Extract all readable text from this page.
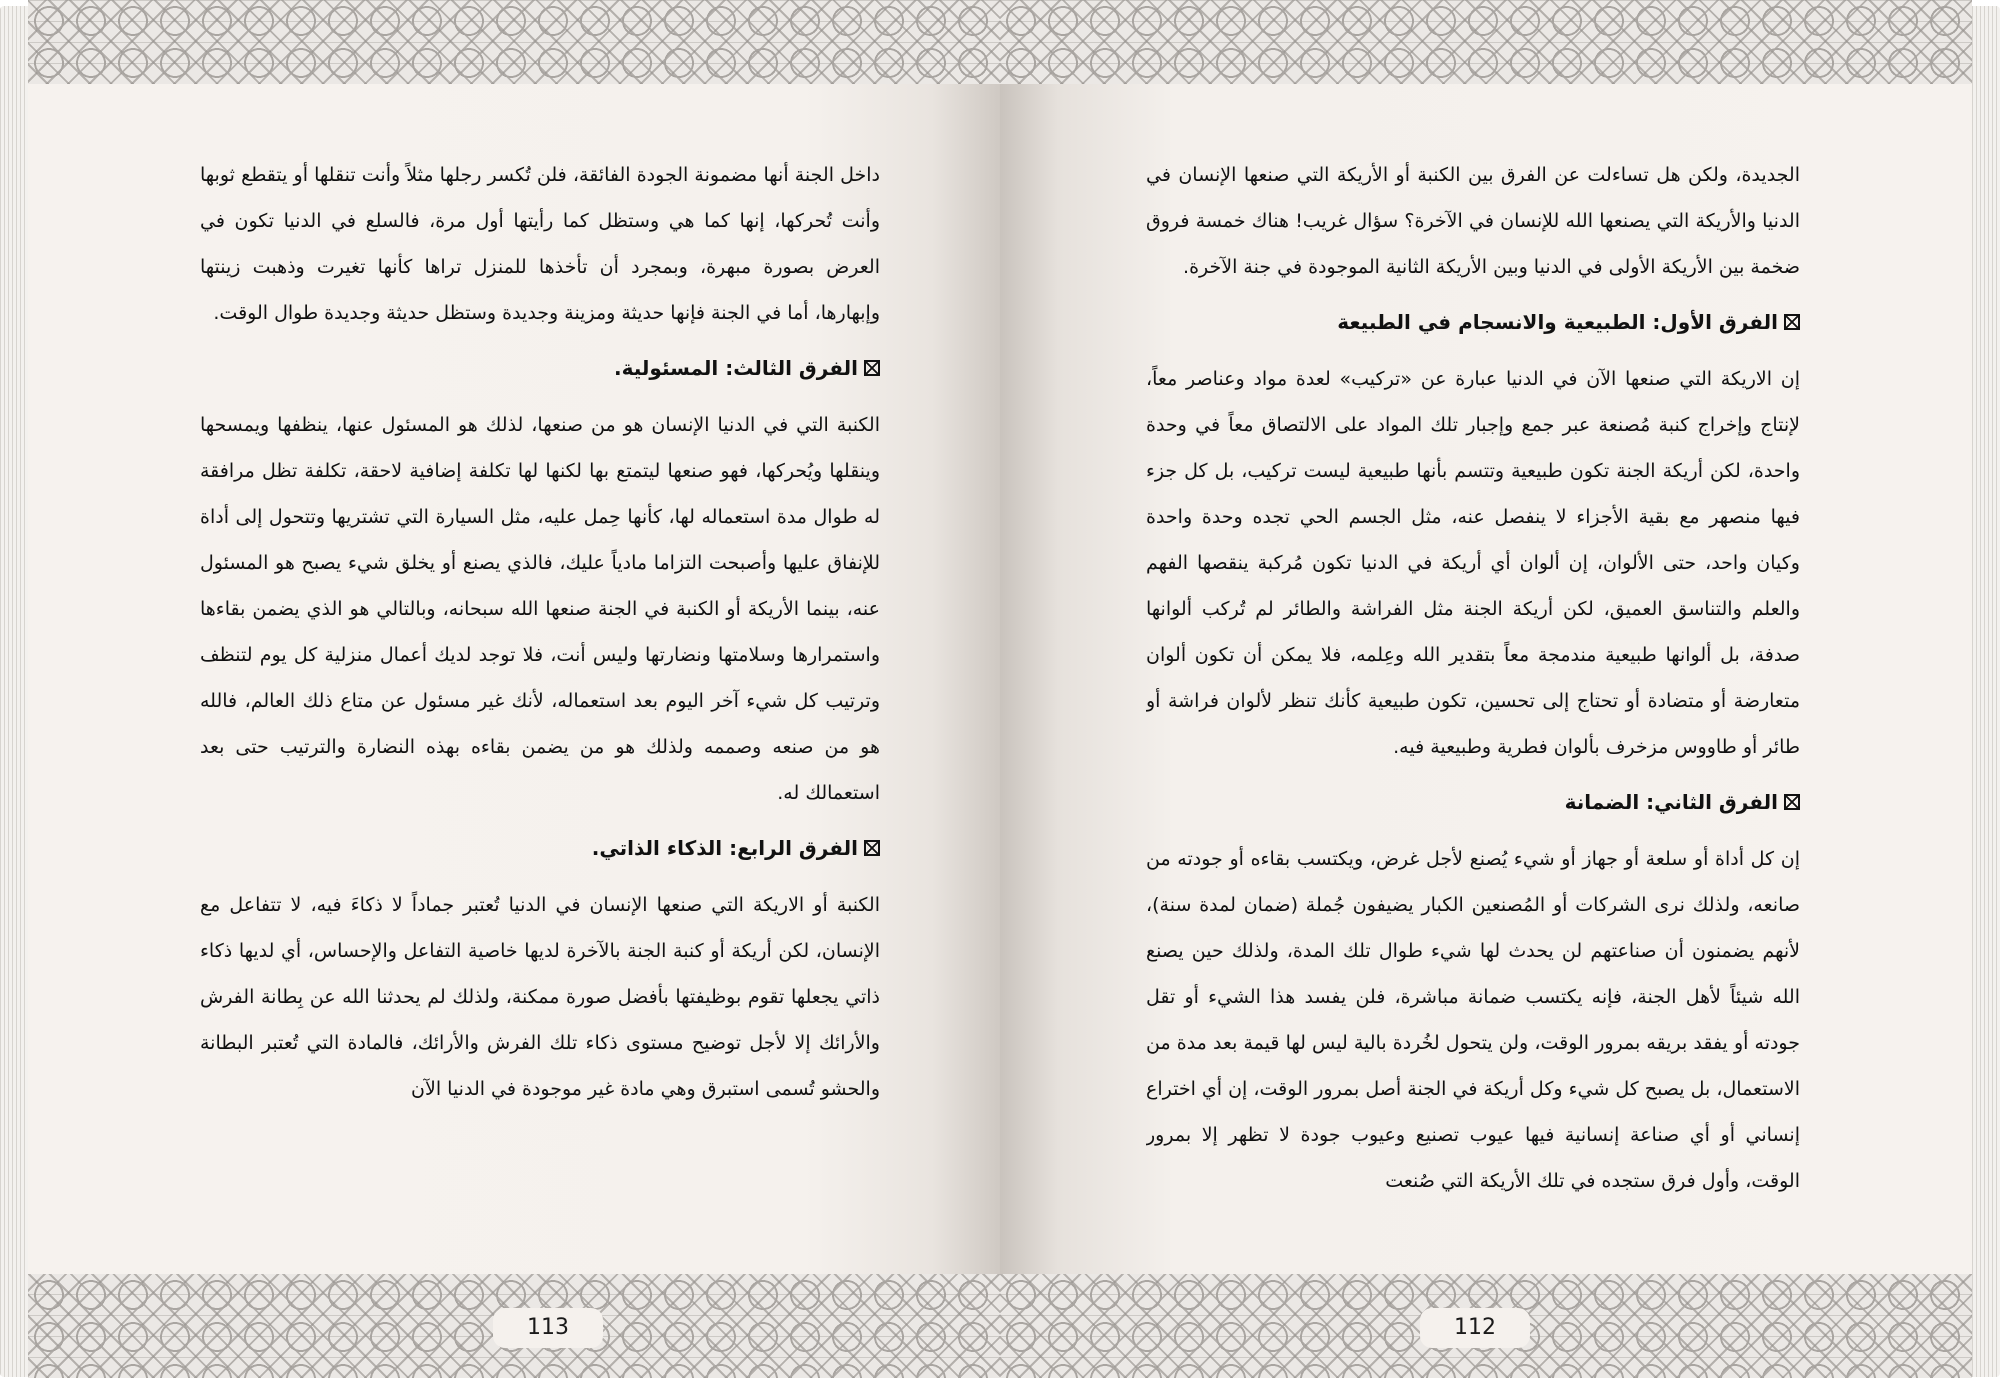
داخل الجنة أنها مضمونة الجودة الفائقة، فلن تُكسر رجلها مثلاً وأنت تنقلها أو يتقطع ثوبها وأنت تُحركها، إنها كما هي وستظل كما رأيتها أول مرة، فالسلع في الدنيا تكون في العرض بصورة مبهرة، وبمجرد أن تأخذها للمنزل تراها كأنها تغيرت وذهبت زينتها وإبهارها، أما في الجنة فإنها حديثة ومزينة وجديدة وستظل حديثة وجديدة طوال الوقت.

الفرق الثالث: المسئولية.

الكنبة التي في الدنيا الإنسان هو من صنعها، لذلك هو المسئول عنها، ينظفها ويمسحها وينقلها ويُحركها، فهو صنعها ليتمتع بها لكنها لها تكلفة إضافية لاحقة، تكلفة تظل مرافقة له طوال مدة استعماله لها، كأنها حِمل عليه، مثل السيارة التي تشتريها وتتحول إلى أداة للإنفاق عليها وأصبحت التزاما مادياً عليك، فالذي يصنع أو يخلق شيء يصبح هو المسئول عنه، بينما الأريكة أو الكنبة في الجنة صنعها الله سبحانه، وبالتالي هو الذي يضمن بقاءها واستمرارها وسلامتها ونضارتها وليس أنت، فلا توجد لديك أعمال منزلية كل يوم لتنظف وترتيب كل شيء آخر اليوم بعد استعماله، لأنك غير مسئول عن متاع ذلك العالم، فالله هو من صنعه وصممه ولذلك هو من يضمن بقاءه بهذه النضارة والترتيب حتى بعد استعمالك له.

الفرق الرابع: الذكاء الذاتي.

الكنبة أو الاريكة التي صنعها الإنسان في الدنيا تُعتبر جماداً لا ذكاءَ فيه، لا تتفاعل مع الإنسان، لكن أريكة أو كنبة الجنة بالآخرة لديها خاصية التفاعل والإحساس، أي لديها ذكاء ذاتي يجعلها تقوم بوظيفتها بأفضل صورة ممكنة، ولذلك لم يحدثنا الله عن بِطانة الفرش والأرائك إلا لأجل توضيح مستوى ذكاء تلك الفرش والأرائك، فالمادة التي تُعتبر البطانة والحشو تُسمى استبرق وهي مادة غير موجودة في الدنيا الآن

113

الجديدة، ولكن هل تساءلت عن الفرق بين الكنبة أو الأريكة التي صنعها الإنسان في الدنيا والأريكة التي يصنعها الله للإنسان في الآخرة؟ سؤال غريب! هناك خمسة فروق ضخمة بين الأريكة الأولى في الدنيا وبين الأريكة الثانية الموجودة في جنة الآخرة.

الفرق الأول: الطبيعية والانسجام في الطبيعة

إن الاريكة التي صنعها الآن في الدنيا عبارة عن «تركيب» لعدة مواد وعناصر معاً، لإنتاج وإخراج كنبة مُصنعة عبر جمع وإجبار تلك المواد على الالتصاق معاً في وحدة واحدة، لكن أريكة الجنة تكون طبيعية وتتسم بأنها طبيعية ليست تركيب، بل كل جزء فيها منصهر مع بقية الأجزاء لا ينفصل عنه، مثل الجسم الحي تجده وحدة واحدة وكيان واحد، حتى الألوان، إن ألوان أي أريكة في الدنيا تكون مُركبة ينقصها الفهم والعلم والتناسق العميق، لكن أريكة الجنة مثل الفراشة والطائر لم تُركب ألوانها صدفة، بل ألوانها طبيعية مندمجة معاً بتقدير الله وعِلمه، فلا يمكن أن تكون ألوان متعارضة أو متضادة أو تحتاج إلى تحسين، تكون طبيعية كأنك تنظر لألوان فراشة أو طائر أو طاووس مزخرف بألوان فطرية وطبيعية فيه.

الفرق الثاني: الضمانة

إن كل أداة أو سلعة أو جهاز أو شيء يُصنع لأجل غرض، ويكتسب بقاءه أو جودته من صانعه، ولذلك نرى الشركات أو المُصنعين الكبار يضيفون جُملة (ضمان لمدة سنة)، لأنهم يضمنون أن صناعتهم لن يحدث لها شيء طوال تلك المدة، ولذلك حين يصنع الله شيئاً لأهل الجنة، فإنه يكتسب ضمانة مباشرة، فلن يفسد هذا الشيء أو تقل جودته أو يفقد بريقه بمرور الوقت، ولن يتحول لخُردة بالية ليس لها قيمة بعد مدة من الاستعمال، بل يصبح كل شيء وكل أريكة في الجنة أصل بمرور الوقت، إن أي اختراع إنساني أو أي صناعة إنسانية فيها عيوب تصنيع وعيوب جودة لا تظهر إلا بمرور الوقت، وأول فرق ستجده في تلك الأريكة التي صُنعت

112
